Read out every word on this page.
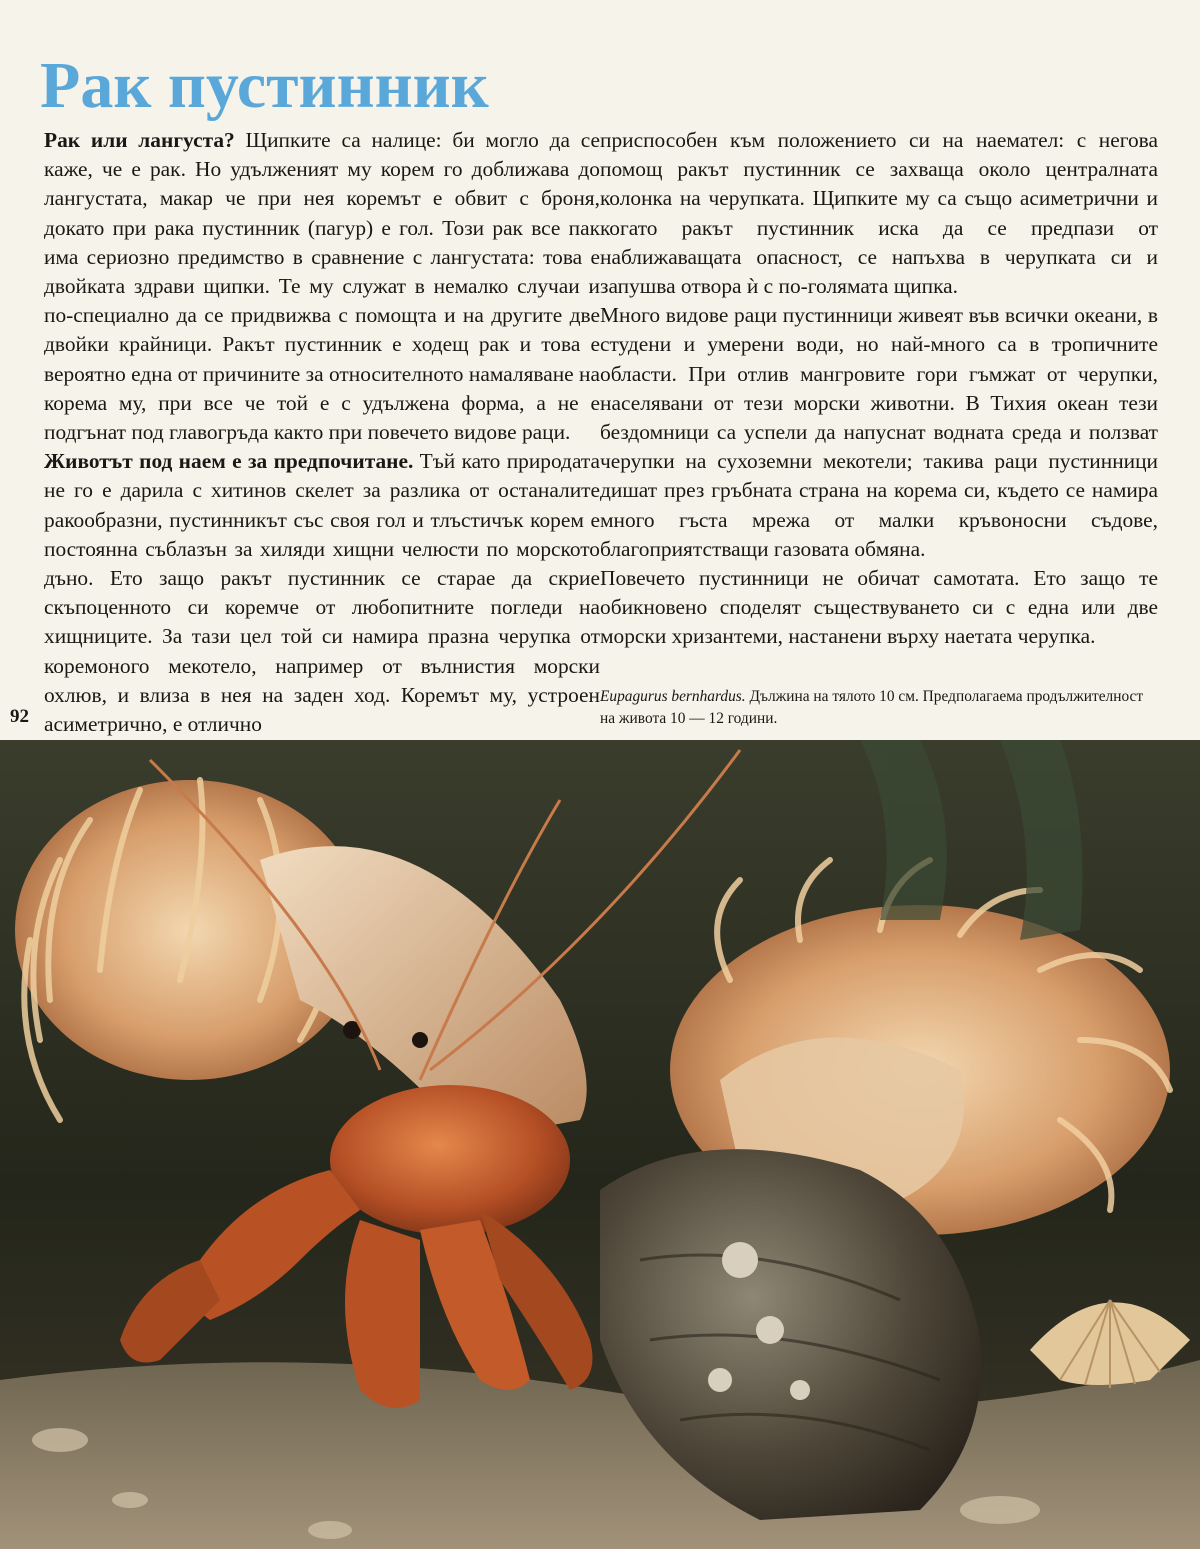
Рак пустинник

Рак или лангуста? Щипките са налице: би могло да се каже, че е рак. Но удълженият му корем го доближава до лангустата, макар че при нея коремът е обвит с броня, докато при рака пустинник (пагур) е гол. Този рак все пак има сериозно предимство в сравнение с лангустата: това е двойката здрави щипки. Те му служат в немалко случаи и по-специално да се придвижва с помощта и на другите две двойки крайници. Ракът пустинник е ходещ рак и това е вероятно една от причините за относителното намаляване на корема му, при все че той е с удължена форма, а не е подгънат под главогръда както при повечето видове раци.

Животът под наем е за предпочитане. Тъй като природата не го е дарила с хитинов скелет за разлика от останалите ракообразни, пустинникът със своя гол и тлъстичък корем е постоянна съблазън за хиляди хищни челюсти по морското дъно. Ето защо ракът пустинник се старае да скрие скъпоценното си коремче от любопитните погледи на хищниците. За тази цел той си намира празна черупка от коремоного мекотело, например от вълнистия морски охлюв, и влиза в нея на заден ход. Коремът му, устроен асиметрично, е отлично

приспособен към положението си на наемател: с негова помощ ракът пустинник се захваща около централната колонка на черупката. Щипките му са също асиметрични и когато ракът пустинник иска да се предпази от наближаващата опасност, се напъхва в черупката си и запушва отвора ѝ с по-голямата щипка.

Много видове раци пустинници живеят във всички океани, в студени и умерени води, но най-много са в тропичните области. При отлив мангровите гори гъмжат от черупки, населявани от тези морски животни. В Тихия океан тези бездомници са успели да напуснат водната среда и ползват черупки на сухоземни мекотели; такива раци пустинници дишат през гръбната страна на корема си, където се намира много гъста мрежа от малки кръвоносни съдове, благоприятстващи газовата обмяна.

Повечето пустинници не обичат самотата. Ето защо те обикновено споделят съществуването си с една или две морски хризантеми, настанени върху наетата черупка.

Eupagurus bernhardus. Дължина на тялото 10 см. Предполагаема продължителност на живота 10 — 12 години.
92
